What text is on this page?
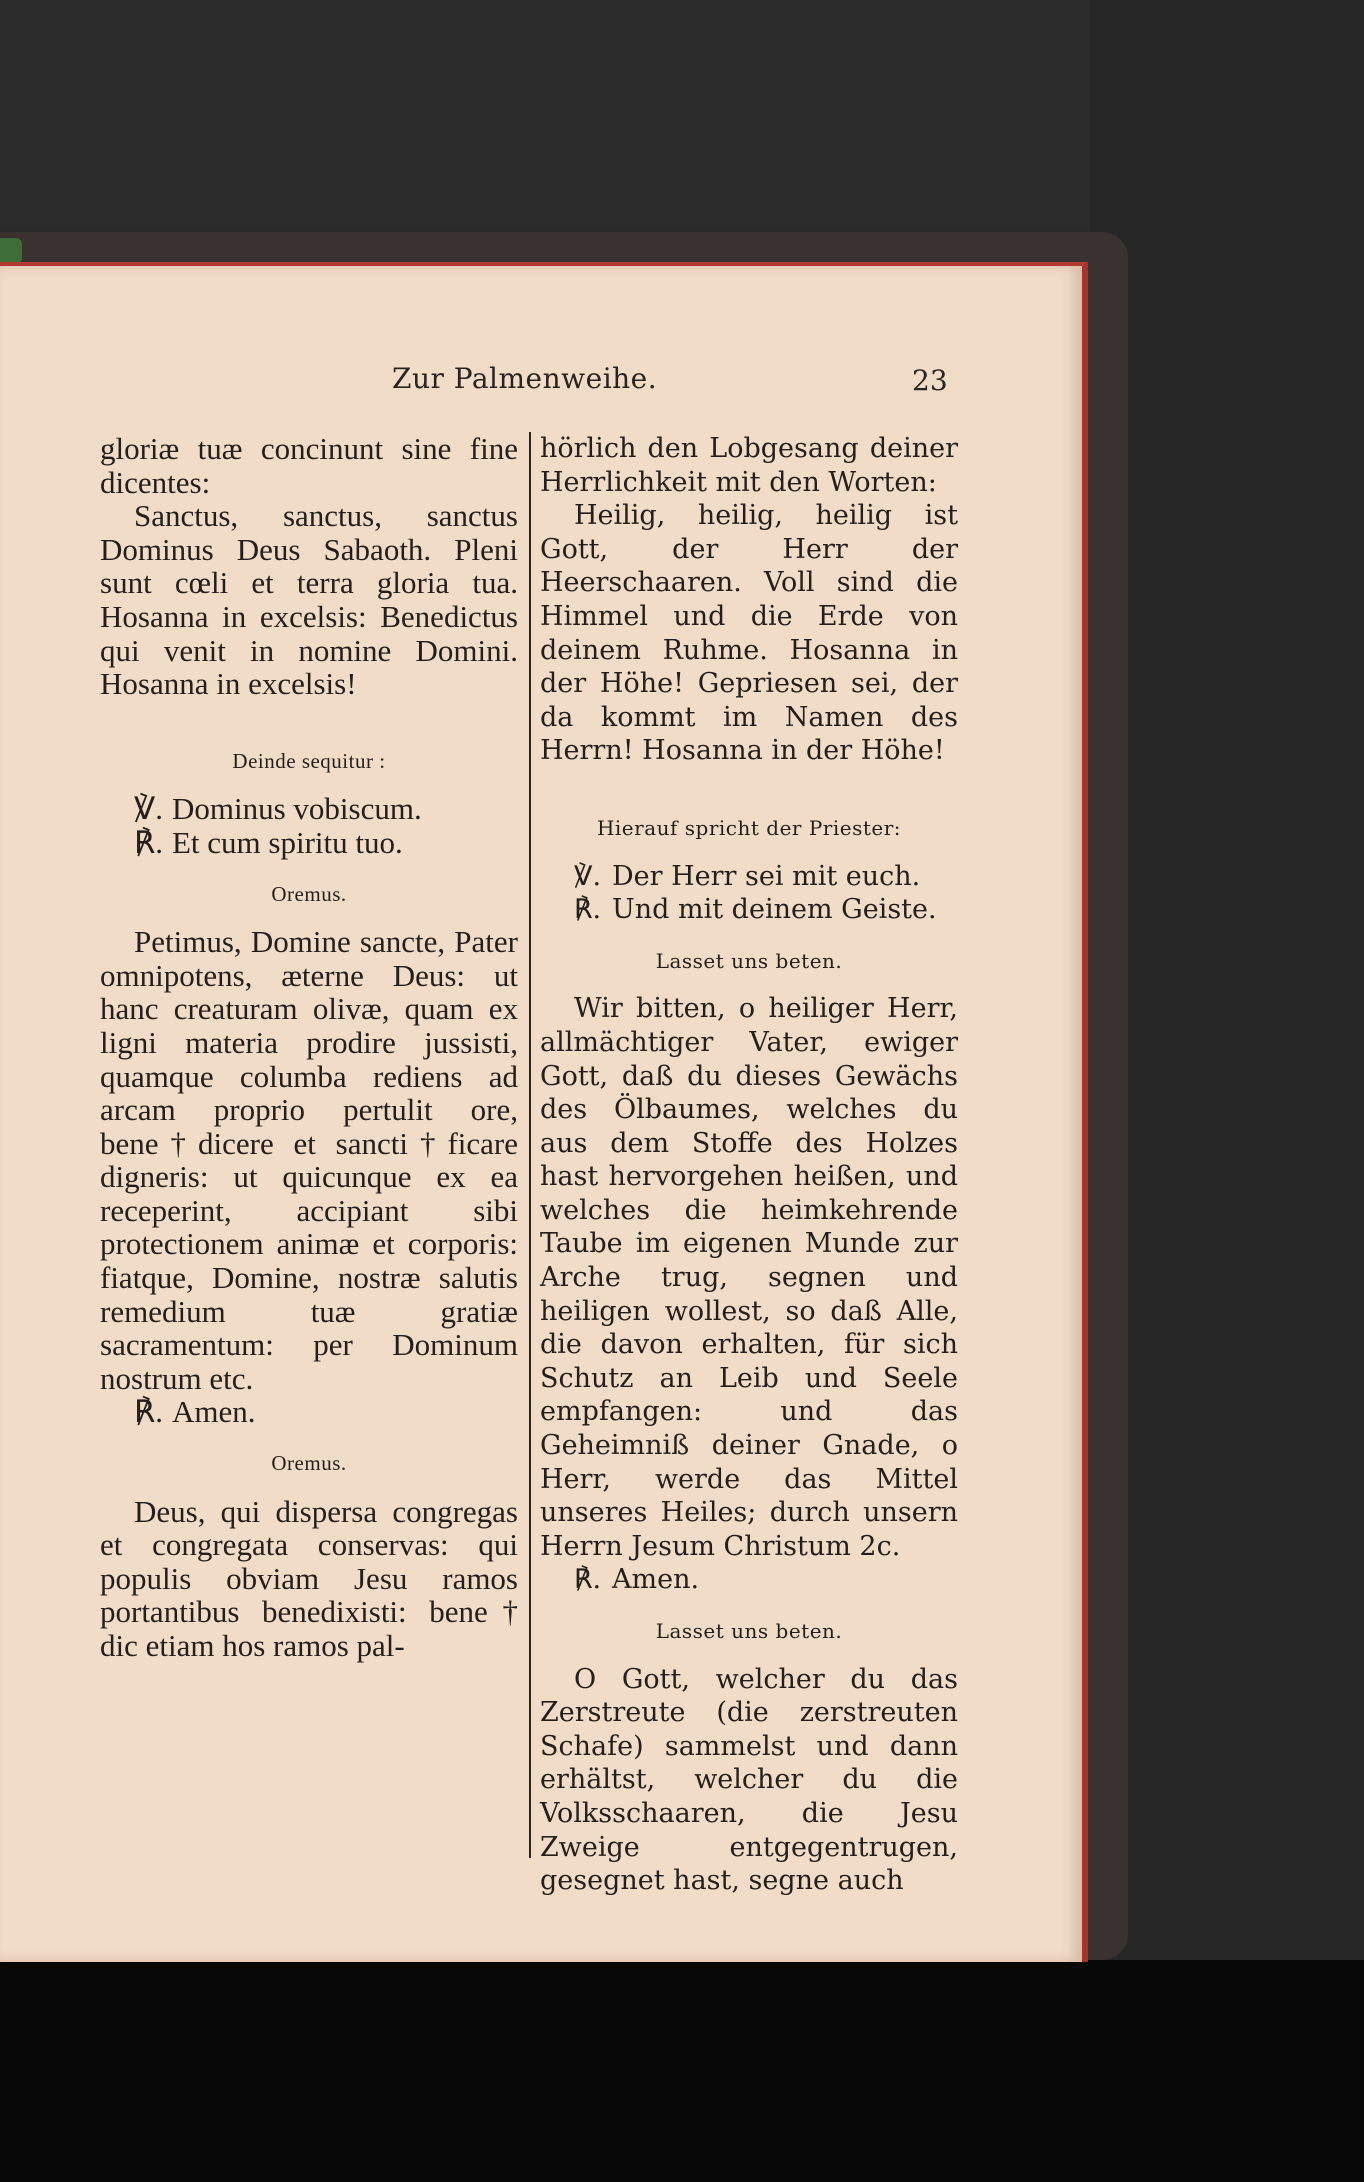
Zur Palmenweihe.	23

gloriæ tuæ concinunt sine fine dicentes:

Sanctus, sanctus, sanctus Dominus Deus Sabaoth. Pleni sunt cœli et terra gloria tua. Hosanna in excelsis: Benedictus qui venit in nomine Domini. Hosanna in excelsis!

Deinde sequitur :

℣. Dominus vobiscum.

℟. Et cum spiritu tuo.

Oremus.

Petimus, Domine sancte, Pater omnipotens, æterne Deus: ut hanc creaturam olivæ, quam ex ligni materia prodire jussisti, quamque columba rediens ad arcam proprio pertulit ore, bene†dicere et sancti†ficare digneris: ut quicunque ex ea receperint, accipiant sibi protectionem animæ et corporis: fiatque, Domine, nostræ salutis remedium tuæ gratiæ sacramentum: per Dominum nostrum etc.

℟. Amen.

Oremus.

Deus, qui dispersa congregas et congregata conservas: qui populis obviam Jesu ramos portantibus benedixisti: bene† dic etiam hos ramos pal-

hörlich den Lobgesang deiner Herrlichkeit mit den Worten:

Heilig, heilig, heilig ist Gott, der Herr der Heerschaaren. Voll sind die Himmel und die Erde von deinem Ruhme. Hosanna in der Höhe! Gepriesen sei, der da kommt im Namen des Herrn! Hosanna in der Höhe!

Hierauf spricht der Priester:

℣. Der Herr sei mit euch.

℟. Und mit deinem Geiste.

Lasset uns beten.

Wir bitten, o heiliger Herr, allmächtiger Vater, ewiger Gott, daß du dieses Gewächs des Ölbaumes, welches du aus dem Stoffe des Holzes hast hervorgehen heißen, und welches die heimkehrende Taube im eigenen Munde zur Arche trug, segnen und heiligen wollest, so daß Alle, die davon erhalten, für sich Schutz an Leib und Seele empfangen: und das Geheimniß deiner Gnade, o Herr, werde das Mittel unseres Heiles; durch unsern Herrn Jesum Christum 2c.

℟. Amen.

Lasset uns beten.

O Gott, welcher du das Zerstreute (die zerstreuten Schafe) sammelst und dann erhältst, welcher du die Volksschaaren, die Jesu Zweige entgegentrugen, gesegnet hast, segne auch
